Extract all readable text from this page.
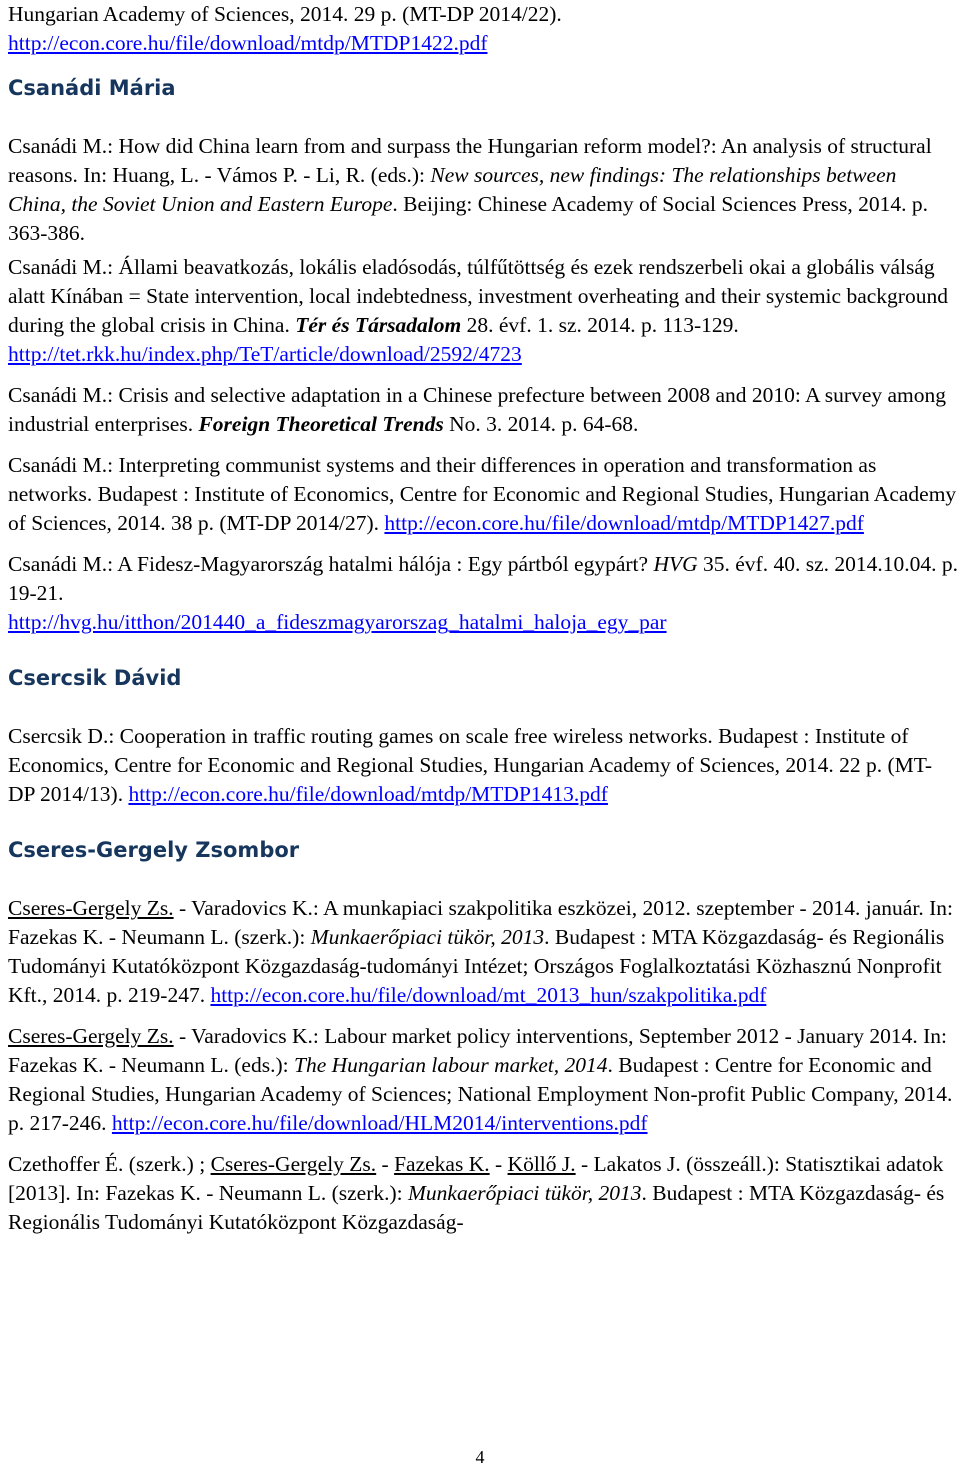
Hungarian Academy of Sciences, 2014. 29 p. (MT-DP 2014/22).
http://econ.core.hu/file/download/mtdp/MTDP1422.pdf

Csanádi Mária

Csanádi M.: How did China learn from and surpass the Hungarian reform model?: An analysis of structural reasons. In: Huang, L. - Vámos P. - Li, R. (eds.): New sources, new findings: The relationships between China, the Soviet Union and Eastern Europe. Beijing: Chinese Academy of Social Sciences Press, 2014. p. 363-386.

Csanádi M.: Állami beavatkozás, lokális eladósodás, túlfűtöttség és ezek rendszerbeli okai a globális válság alatt Kínában = State intervention, local indebtedness, investment overheating and their systemic background during the global crisis in China. Tér és Társadalom 28. évf. 1. sz. 2014. p. 113-129. http://tet.rkk.hu/index.php/TeT/article/download/2592/4723

Csanádi M.: Crisis and selective adaptation in a Chinese prefecture between 2008 and 2010: A survey among industrial enterprises. Foreign Theoretical Trends No. 3. 2014. p. 64-68.

Csanádi M.: Interpreting communist systems and their differences in operation and transformation as networks. Budapest : Institute of Economics, Centre for Economic and Regional Studies, Hungarian Academy of Sciences, 2014. 38 p. (MT-DP 2014/27). http://econ.core.hu/file/download/mtdp/MTDP1427.pdf

Csanádi M.: A Fidesz-Magyarország hatalmi hálója : Egy pártból egypárt? HVG 35. évf. 40. sz. 2014.10.04. p. 19-21.
http://hvg.hu/itthon/201440_a_fideszmagyarorszag_hatalmi_haloja_egy_par

Csercsik Dávid

Csercsik D.: Cooperation in traffic routing games on scale free wireless networks. Budapest : Institute of Economics, Centre for Economic and Regional Studies, Hungarian Academy of Sciences, 2014. 22 p. (MT-DP 2014/13). http://econ.core.hu/file/download/mtdp/MTDP1413.pdf

Cseres-Gergely Zsombor

Cseres-Gergely Zs. - Varadovics K.: A munkapiaci szakpolitika eszközei, 2012. szeptember - 2014. január. In: Fazekas K. - Neumann L. (szerk.): Munkaerőpiaci tükör, 2013. Budapest : MTA Közgazdaság- és Regionális Tudományi Kutatóközpont Közgazdaság-tudományi Intézet; Országos Foglalkoztatási Közhasznú Nonprofit Kft., 2014. p. 219-247. http://econ.core.hu/file/download/mt_2013_hun/szakpolitika.pdf

Cseres-Gergely Zs. - Varadovics K.: Labour market policy interventions, September 2012 - January 2014. In: Fazekas K. - Neumann L. (eds.): The Hungarian labour market, 2014. Budapest : Centre for Economic and Regional Studies, Hungarian Academy of Sciences; National Employment Non-profit Public Company, 2014. p. 217-246. http://econ.core.hu/file/download/HLM2014/interventions.pdf

Czethoffer É. (szerk.) ; Cseres-Gergely Zs. - Fazekas K. - Köllő J. - Lakatos J. (összeáll.): Statisztikai adatok [2013]. In: Fazekas K. - Neumann L. (szerk.): Munkaerőpiaci tükör, 2013. Budapest : MTA Közgazdaság- és Regionális Tudományi Kutatóközpont Közgazdaság-

4
